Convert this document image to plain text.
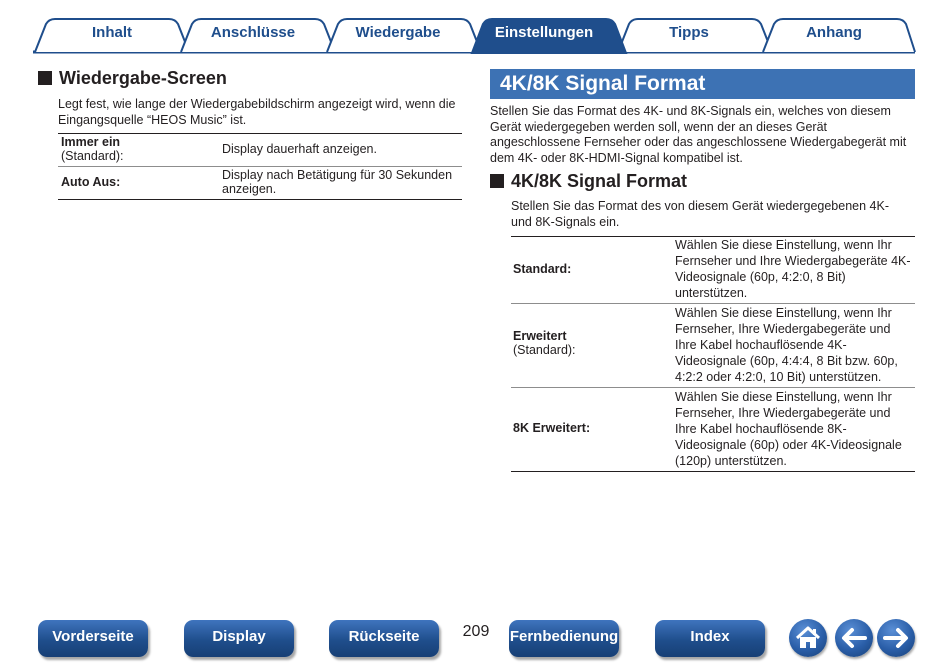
Inhalt	Anschlüsse	Wiedergabe	Einstellungen	Tipps	Anhang
Wiedergabe-Screen
Legt fest, wie lange der Wiedergabebildschirm angezeigt wird, wenn die Eingangsquelle “HEOS Music” ist.
Immer ein
(Standard):	Display dauerhaft anzeigen.
Auto Aus:	Display nach Betätigung für 30 Sekunden anzeigen.
4K/8K Signal Format
Stellen Sie das Format des 4K- und 8K-Signals ein, welches von diesem Gerät wiedergegeben werden soll, wenn der an dieses Gerät angeschlossene Fernseher oder das angeschlossene Wiedergabegerät mit dem 4K- oder 8K-HDMI-Signal kompatibel ist.
4K/8K Signal Format
Stellen Sie das Format des von diesem Gerät wiedergegebenen 4K- und 8K-Signals ein.
Standard:
Wählen Sie diese Einstellung, wenn Ihr Fernseher und Ihre Wiedergabegeräte 4K-Videosignale (60p, 4:2:0, 8 Bit) unterstützen.
Erweitert
(Standard):
Wählen Sie diese Einstellung, wenn Ihr Fernseher, Ihre Wiedergabegeräte und Ihre Kabel hochauflösende 4K-Videosignale (60p, 4:4:4, 8 Bit bzw. 60p, 4:2:2 oder 4:2:0, 10 Bit) unterstützen.
8K Erweitert:
Wählen Sie diese Einstellung, wenn Ihr Fernseher, Ihre Wiedergabegeräte und Ihre Kabel hochauflösende 8K-Videosignale (60p) oder 4K-Videosignale (120p) unterstützen.
Vorderseite	Display	Rückseite	209	Fernbedienung	Index
